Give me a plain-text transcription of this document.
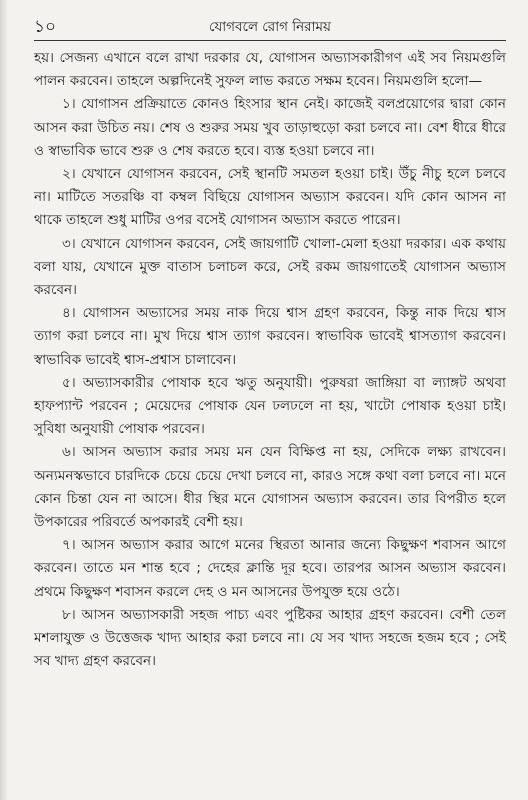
১০	যোগবলে রোগ নিরাময়

হয়। সেজন্য এখানে বলে রাখা দরকার যে, যোগাসন অভ্যাসকারীগণ এই সব নিয়মগুলি পালন করবেন। তাহলে অল্পদিনেই সুফল লাভ করতে সক্ষম হবেন। নিয়মগুলি হলো—

১। যোগাসন প্রক্রিয়াতে কোনও হিংসার স্থান নেই। কাজেই বলপ্রয়োগের দ্বারা কোন আসন করা উচিত নয়। শেষ ও শুরুর সময় খুব তাড়াহুড়ো করা চলবে না। বেশ ধীরে ধীরে ও স্বাভাবিক ভাবে শুরু ও শেষ করতে হবে। ব্যস্ত হওয়া চলবে না।

২। যেখানে যোগাসন করবেন, সেই স্থানটি সমতল হওয়া চাই। উঁচু নীচু হলে চলবে না। মাটিতে সতরঞ্চি বা কম্বল বিছিয়ে যোগাসন অভ্যাস করবেন। যদি কোন আসন না থাকে তাহলে শুধু মাটির ওপর বসেই যোগাসন অভ্যাস করতে পারেন।

৩। যেখানে যোগাসন করবেন, সেই জায়গাটি খোলা-মেলা হওয়া দরকার। এক কথায় বলা যায়, যেখানে মুক্ত বাতাস চলাচল করে, সেই রকম জায়গাতেই যোগাসন অভ্যাস করবেন।

৪। যোগাসন অভ্যাসের সময় নাক দিয়ে শ্বাস গ্রহণ করবেন, কিন্তু নাক দিয়ে শ্বাস ত্যাগ করা চলবে না। মুখ দিয়ে শ্বাস ত্যাগ করবেন। স্বাভাবিক ভাবেই শ্বাসত্যাগ করবেন। স্বাভাবিক ভাবেই শ্বাস-প্রশ্বাস চালাবেন।

৫। অভ্যাসকারীর পোষাক হবে ঋতু অনুযায়ী। পুরুষরা জাঙ্গিয়া বা ল্যাঙ্গট অথবা হাফপ্যান্ট পরবেন ; মেয়েদের পোষাক যেন ঢলঢলে না হয়, খাটো পোষাক হওয়া চাই। সুবিধা অনুযায়ী পোষাক পরবেন।

৬। আসন অভ্যাস করার সময় মন যেন বিক্ষিপ্ত না হয়, সেদিকে লক্ষ্য রাখবেন। অন্যমনস্কভাবে চারদিকে চেয়ে চেয়ে দেখা চলবে না, কারও সঙ্গে কথা বলা চলবে না। মনে কোন চিন্তা যেন না আসে। ধীর স্থির মনে যোগাসন অভ্যাস করবেন। তার বিপরীত হলে উপকারের পরিবর্তে অপকারই বেশী হয়।

৭। আসন অভ্যাস করার আগে মনের স্থিরতা আনার জন্যে কিছুক্ষণ শবাসন আগে করবেন। তাতে মন শান্ত হবে ; দেহের ক্লান্তি দূর হবে। তারপর আসন অভ্যাস করবেন। প্রথমে কিছুক্ষণ শবাসন করলে দেহ ও মন আসনের উপযুক্ত হয়ে ওঠে।

৮। আসন অভ্যাসকারী সহজ পাচ্য এবং পুষ্টিকর আহার গ্রহণ করবেন। বেশী তেল মশলাযুক্ত ও উত্তেজক খাদ্য আহার করা চলবে না। যে সব খাদ্য সহজে হজম হবে ; সেই সব খাদ্য গ্রহণ করবেন।
